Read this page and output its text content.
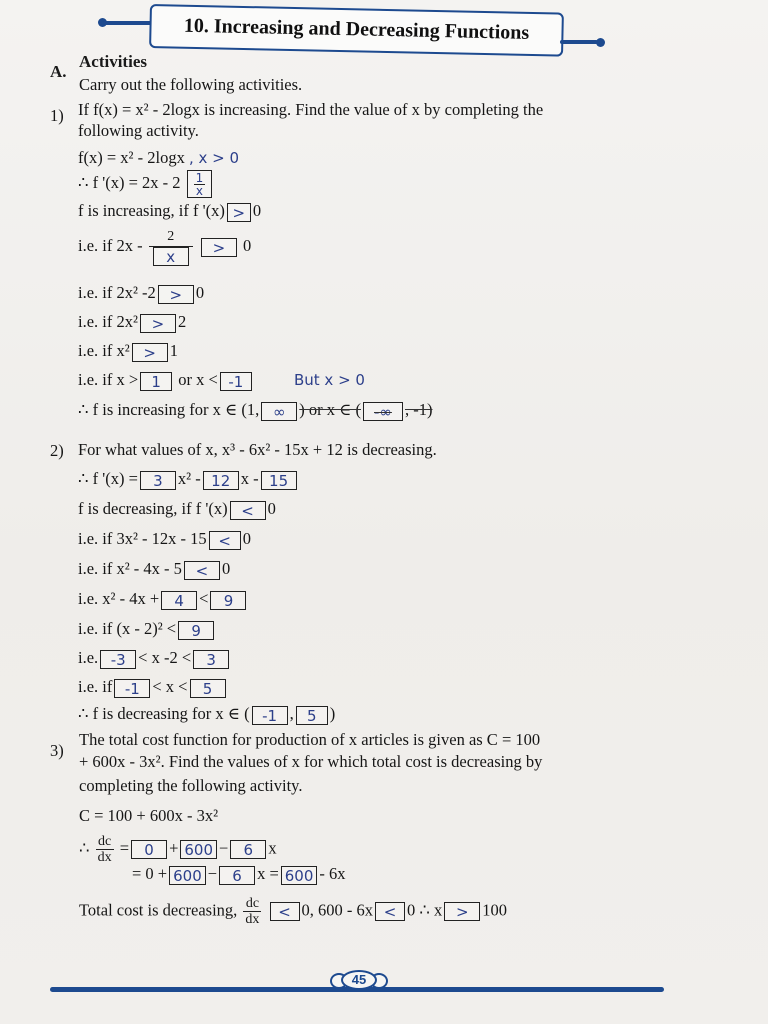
10. Increasing and Decreasing Functions
A.
Activities
Carry out the following activities.
1) If f(x) = x² - 2logx is increasing. Find the value of x by completing the
following activity.
f(x) = x² - 2logx , x > 0
∴ f '$(x) = 2x - 2 \frac{1}{x}$
f is increasing, if f '(x) > 0
i.e. if $2x - \frac{2}{x} > 0$
i.e. if 2x² -2 > 0
i.e. if 2x² > 2
i.e. if x² > 1
i.e. if x > 1 or x < -1	But x > 0
∴ f is increasing for x ∈ (1, ∞ ) or x ∈ ( -∞ , -1)
2) For what values of x, x³ - 6x² - 15x + 12 is decreasing.
∴ f '(x) = 3 x² - 12 x - 15
f is decreasing, if f '(x) < 0
i.e. if 3x² - 12x - 15 < 0
i.e. if x² - 4x - 5 < 0
i.e. x² - 4x + 4 < 9
i.e. if (x - 2)² < 9
i.e. -3 < x -2 < 3
i.e. if -1 < x < 5
∴ f is decreasing for x ∈ ( -1 , 5 )
3)
The total cost function for production of x articles is given as C = 100
+ 600x - 3x². Find the values of x for which total cost is decreasing by
completing the following activity.
C = 100 + 600x - 3x²
∴ $\frac{dc}{dx} = 0 + 600 - 6$ x
= 0 + 600 − 6 x = 600 - 6x
Total cost is decreasing, $\frac{dc}{dx} < 0$, 600 - 6x < 0 ∴ x > 100
45
